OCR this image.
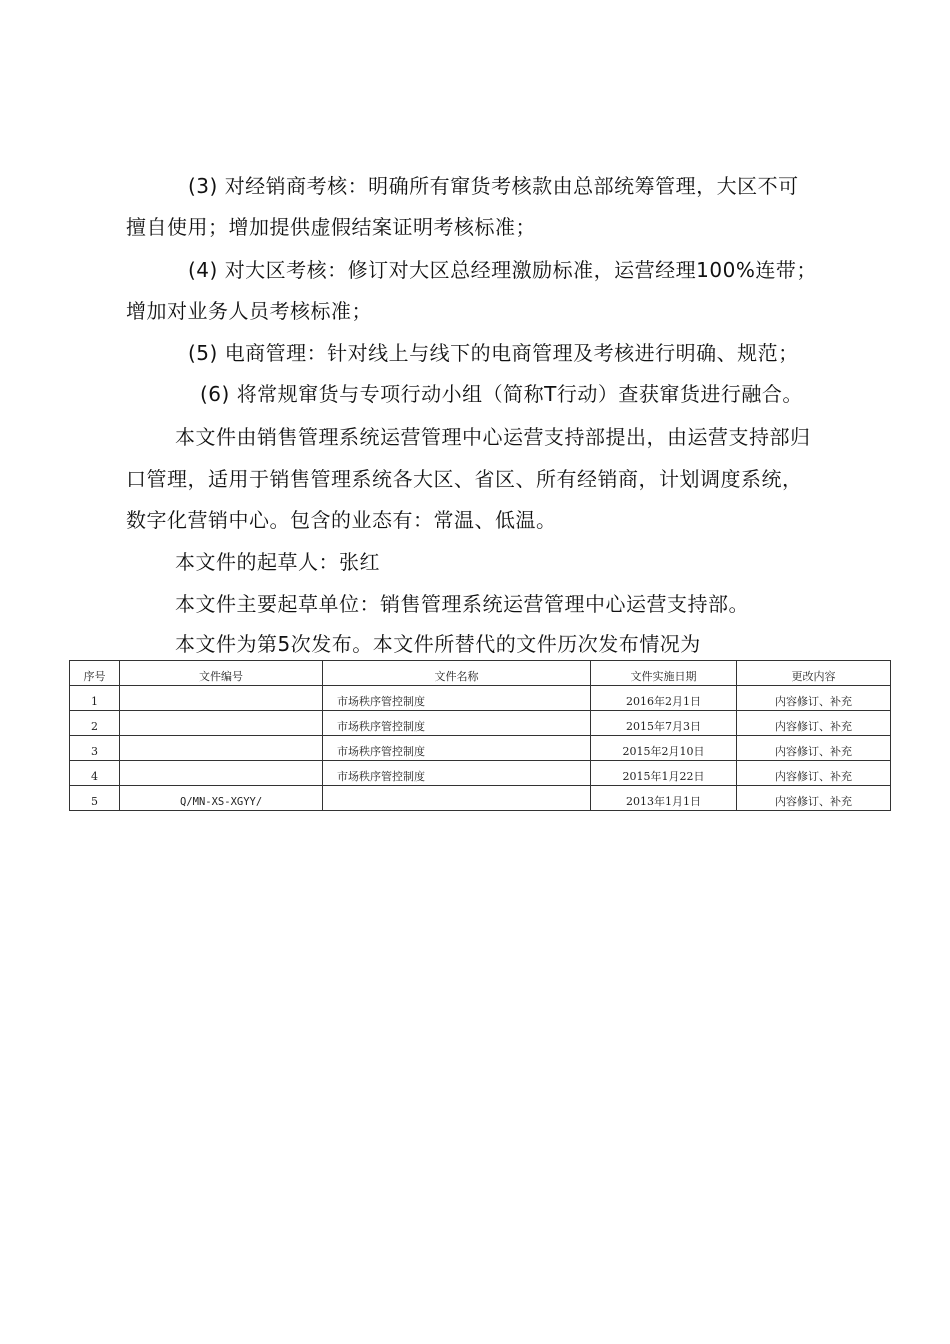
(3) 对经销商考核：明确所有窜货考核款由总部统筹管理，大区不可
擅自使用；增加提供虚假结案证明考核标准；
(4) 对大区考核：修订对大区总经理激励标准，运营经理100%连带；
增加对业务人员考核标准；
(5) 电商管理：针对线上与线下的电商管理及考核进行明确、规范；
(6) 将常规窜货与专项行动小组（简称T行动）查获窜货进行融合。
本文件由销售管理系统运营管理中心运营支持部提出，由运营支持部归
口管理，适用于销售管理系统各大区、省区、所有经销商，计划调度系统，
数字化营销中心。包含的业态有：常温、低温。
本文件的起草人：张红
本文件主要起草单位：销售管理系统运营管理中心运营支持部。
本文件为第5次发布。本文件所替代的文件历次发布情况为
序号	文件编号	文件名称	文件实施日期	更改内容
1		市场秩序管控制度	2016年2月1日	内容修订、补充
2		市场秩序管控制度	2015年7月3日	内容修订、补充
3		市场秩序管控制度	2015年2月10日	内容修订、补充
4		市场秩序管控制度	2015年1月22日	内容修订、补充
5	Q/MN-XS-XGYY/		2013年1月1日	内容修订、补充
